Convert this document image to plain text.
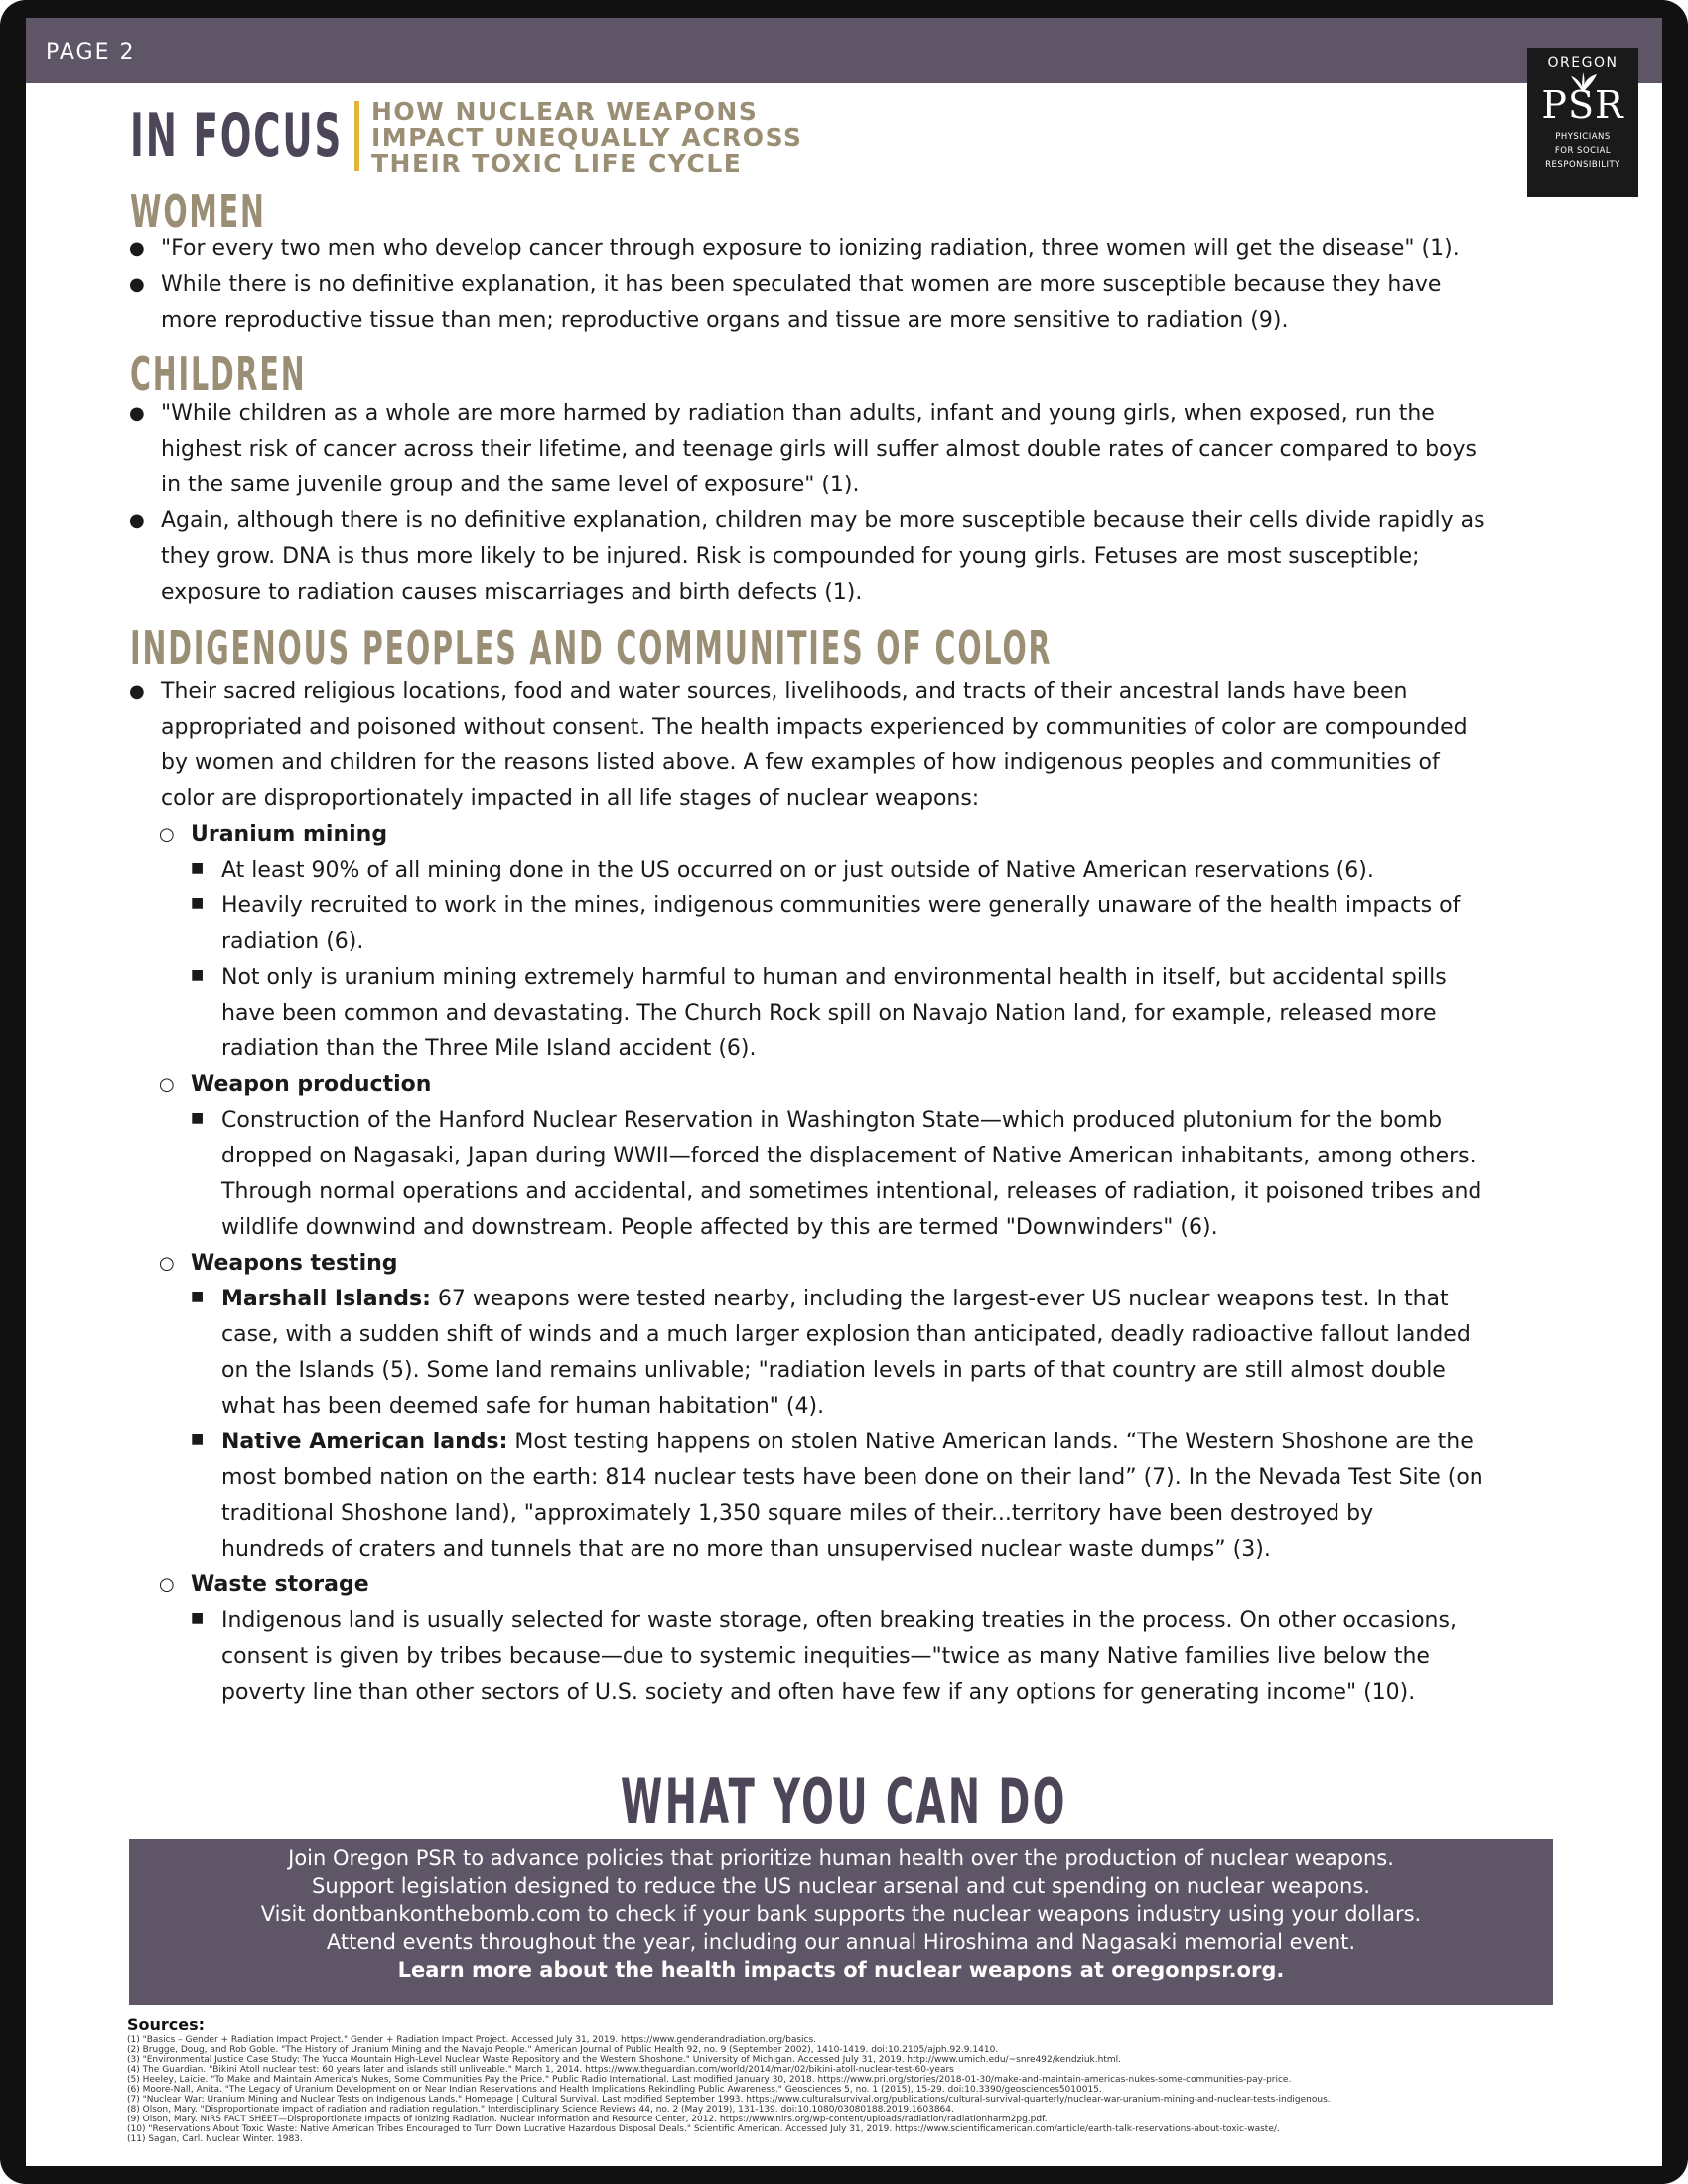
PAGE 2	OREGON
PSR
PHYSICIANS
FOR SOCIAL
RESPONSIBILITY
IN FOCUS HOW NUCLEAR WEAPONS
IMPACT UNEQUALLY ACROSS
THEIR TOXIC LIFE CYCLE
WOMEN
● "For every two men who develop cancer through exposure to ionizing radiation, three women will get the disease" (1).
● While there is no definitive explanation, it has been speculated that women are more susceptible because they have
more reproductive tissue than men; reproductive organs and tissue are more sensitive to radiation (9).
CHILDREN
● "While children as a whole are more harmed by radiation than adults, infant and young girls, when exposed, run the
highest risk of cancer across their lifetime, and teenage girls will suffer almost double rates of cancer compared to boys
in the same juvenile group and the same level of exposure" (1).
● Again, although there is no definitive explanation, children may be more susceptible because their cells divide rapidly as
they grow. DNA is thus more likely to be injured. Risk is compounded for young girls. Fetuses are most susceptible;
exposure to radiation causes miscarriages and birth defects (1).
INDIGENOUS PEOPLES AND COMMUNITIES OF COLOR
● Their sacred religious locations, food and water sources, livelihoods, and tracts of their ancestral lands have been
appropriated and poisoned without consent. The health impacts experienced by communities of color are compounded
by women and children for the reasons listed above. A few examples of how indigenous peoples and communities of
color are disproportionately impacted in all life stages of nuclear weapons:
○ Uranium mining
■ At least 90% of all mining done in the US occurred on or just outside of Native American reservations (6).
■ Heavily recruited to work in the mines, indigenous communities were generally unaware of the health impacts of
radiation (6).
■ Not only is uranium mining extremely harmful to human and environmental health in itself, but accidental spills
have been common and devastating. The Church Rock spill on Navajo Nation land, for example, released more
radiation than the Three Mile Island accident (6).
○ Weapon production
■ Construction of the Hanford Nuclear Reservation in Washington State—which produced plutonium for the bomb
dropped on Nagasaki, Japan during WWII—forced the displacement of Native American inhabitants, among others.
Through normal operations and accidental, and sometimes intentional, releases of radiation, it poisoned tribes and
wildlife downwind and downstream. People affected by this are termed "Downwinders" (6).
○ Weapons testing
■ Marshall Islands: 67 weapons were tested nearby, including the largest-ever US nuclear weapons test. In that
case, with a sudden shift of winds and a much larger explosion than anticipated, deadly radioactive fallout landed
on the Islands (5). Some land remains unlivable; "radiation levels in parts of that country are still almost double
what has been deemed safe for human habitation" (4).
■ Native American lands: Most testing happens on stolen Native American lands. “The Western Shoshone are the
most bombed nation on the earth: 814 nuclear tests have been done on their land” (7). In the Nevada Test Site (on
traditional Shoshone land), "approximately 1,350 square miles of their...territory have been destroyed by
hundreds of craters and tunnels that are no more than unsupervised nuclear waste dumps” (3).
○ Waste storage
■ Indigenous land is usually selected for waste storage, often breaking treaties in the process. On other occasions,
consent is given by tribes because—due to systemic inequities—"twice as many Native families live below the
poverty line than other sectors of U.S. society and often have few if any options for generating income" (10).
WHAT YOU CAN DO
Join Oregon PSR to advance policies that prioritize human health over the production of nuclear weapons.
Support legislation designed to reduce the US nuclear arsenal and cut spending on nuclear weapons.
Visit dontbankonthebomb.com to check if your bank supports the nuclear weapons industry using your dollars.
Attend events throughout the year, including our annual Hiroshima and Nagasaki memorial event.
Learn more about the health impacts of nuclear weapons at oregonpsr.org.
Sources:
(1) "Basics – Gender + Radiation Impact Project." Gender + Radiation Impact Project. Accessed July 31, 2019. https://www.genderandradiation.org/basics.
(2) Brugge, Doug, and Rob Goble. "The History of Uranium Mining and the Navajo People." American Journal of Public Health 92, no. 9 (September 2002), 1410-1419. doi:10.2105/ajph.92.9.1410.
(3) "Environmental Justice Case Study: The Yucca Mountain High-Level Nuclear Waste Repository and the Western Shoshone." University of Michigan. Accessed July 31, 2019. http://www.umich.edu/~snre492/kendziuk.html.
(4) The Guardian. "Bikini Atoll nuclear test: 60 years later and islands still unliveable." March 1, 2014. https://www.theguardian.com/world/2014/mar/02/bikini-atoll-nuclear-test-60-years
(5) Heeley, Laicie. "To Make and Maintain America's Nukes, Some Communities Pay the Price." Public Radio International. Last modified January 30, 2018. https://www.pri.org/stories/2018-01-30/make-and-maintain-americas-nukes-some-communities-pay-price.
(6) Moore-Nall, Anita. "The Legacy of Uranium Development on or Near Indian Reservations and Health Implications Rekindling Public Awareness." Geosciences 5, no. 1 (2015), 15-29. doi:10.3390/geosciences5010015.
(7) "Nuclear War: Uranium Mining and Nuclear Tests on Indigenous Lands." Homepage | Cultural Survival. Last modified September 1993. https://www.culturalsurvival.org/publications/cultural-survival-quarterly/nuclear-war-uranium-mining-and-nuclear-tests-indigenous.
(8) Olson, Mary. "Disproportionate impact of radiation and radiation regulation." Interdisciplinary Science Reviews 44, no. 2 (May 2019), 131-139. doi:10.1080/03080188.2019.1603864.
(9) Olson, Mary. NIRS FACT SHEET—Disproportionate Impacts of Ionizing Radiation. Nuclear Information and Resource Center, 2012. https://www.nirs.org/wp-content/uploads/radiation/radiationharm2pg.pdf.
(10) "Reservations About Toxic Waste: Native American Tribes Encouraged to Turn Down Lucrative Hazardous Disposal Deals." Scientific American. Accessed July 31, 2019. https://www.scientificamerican.com/article/earth-talk-reservations-about-toxic-waste/.
(11) Sagan, Carl. Nuclear Winter. 1983.
